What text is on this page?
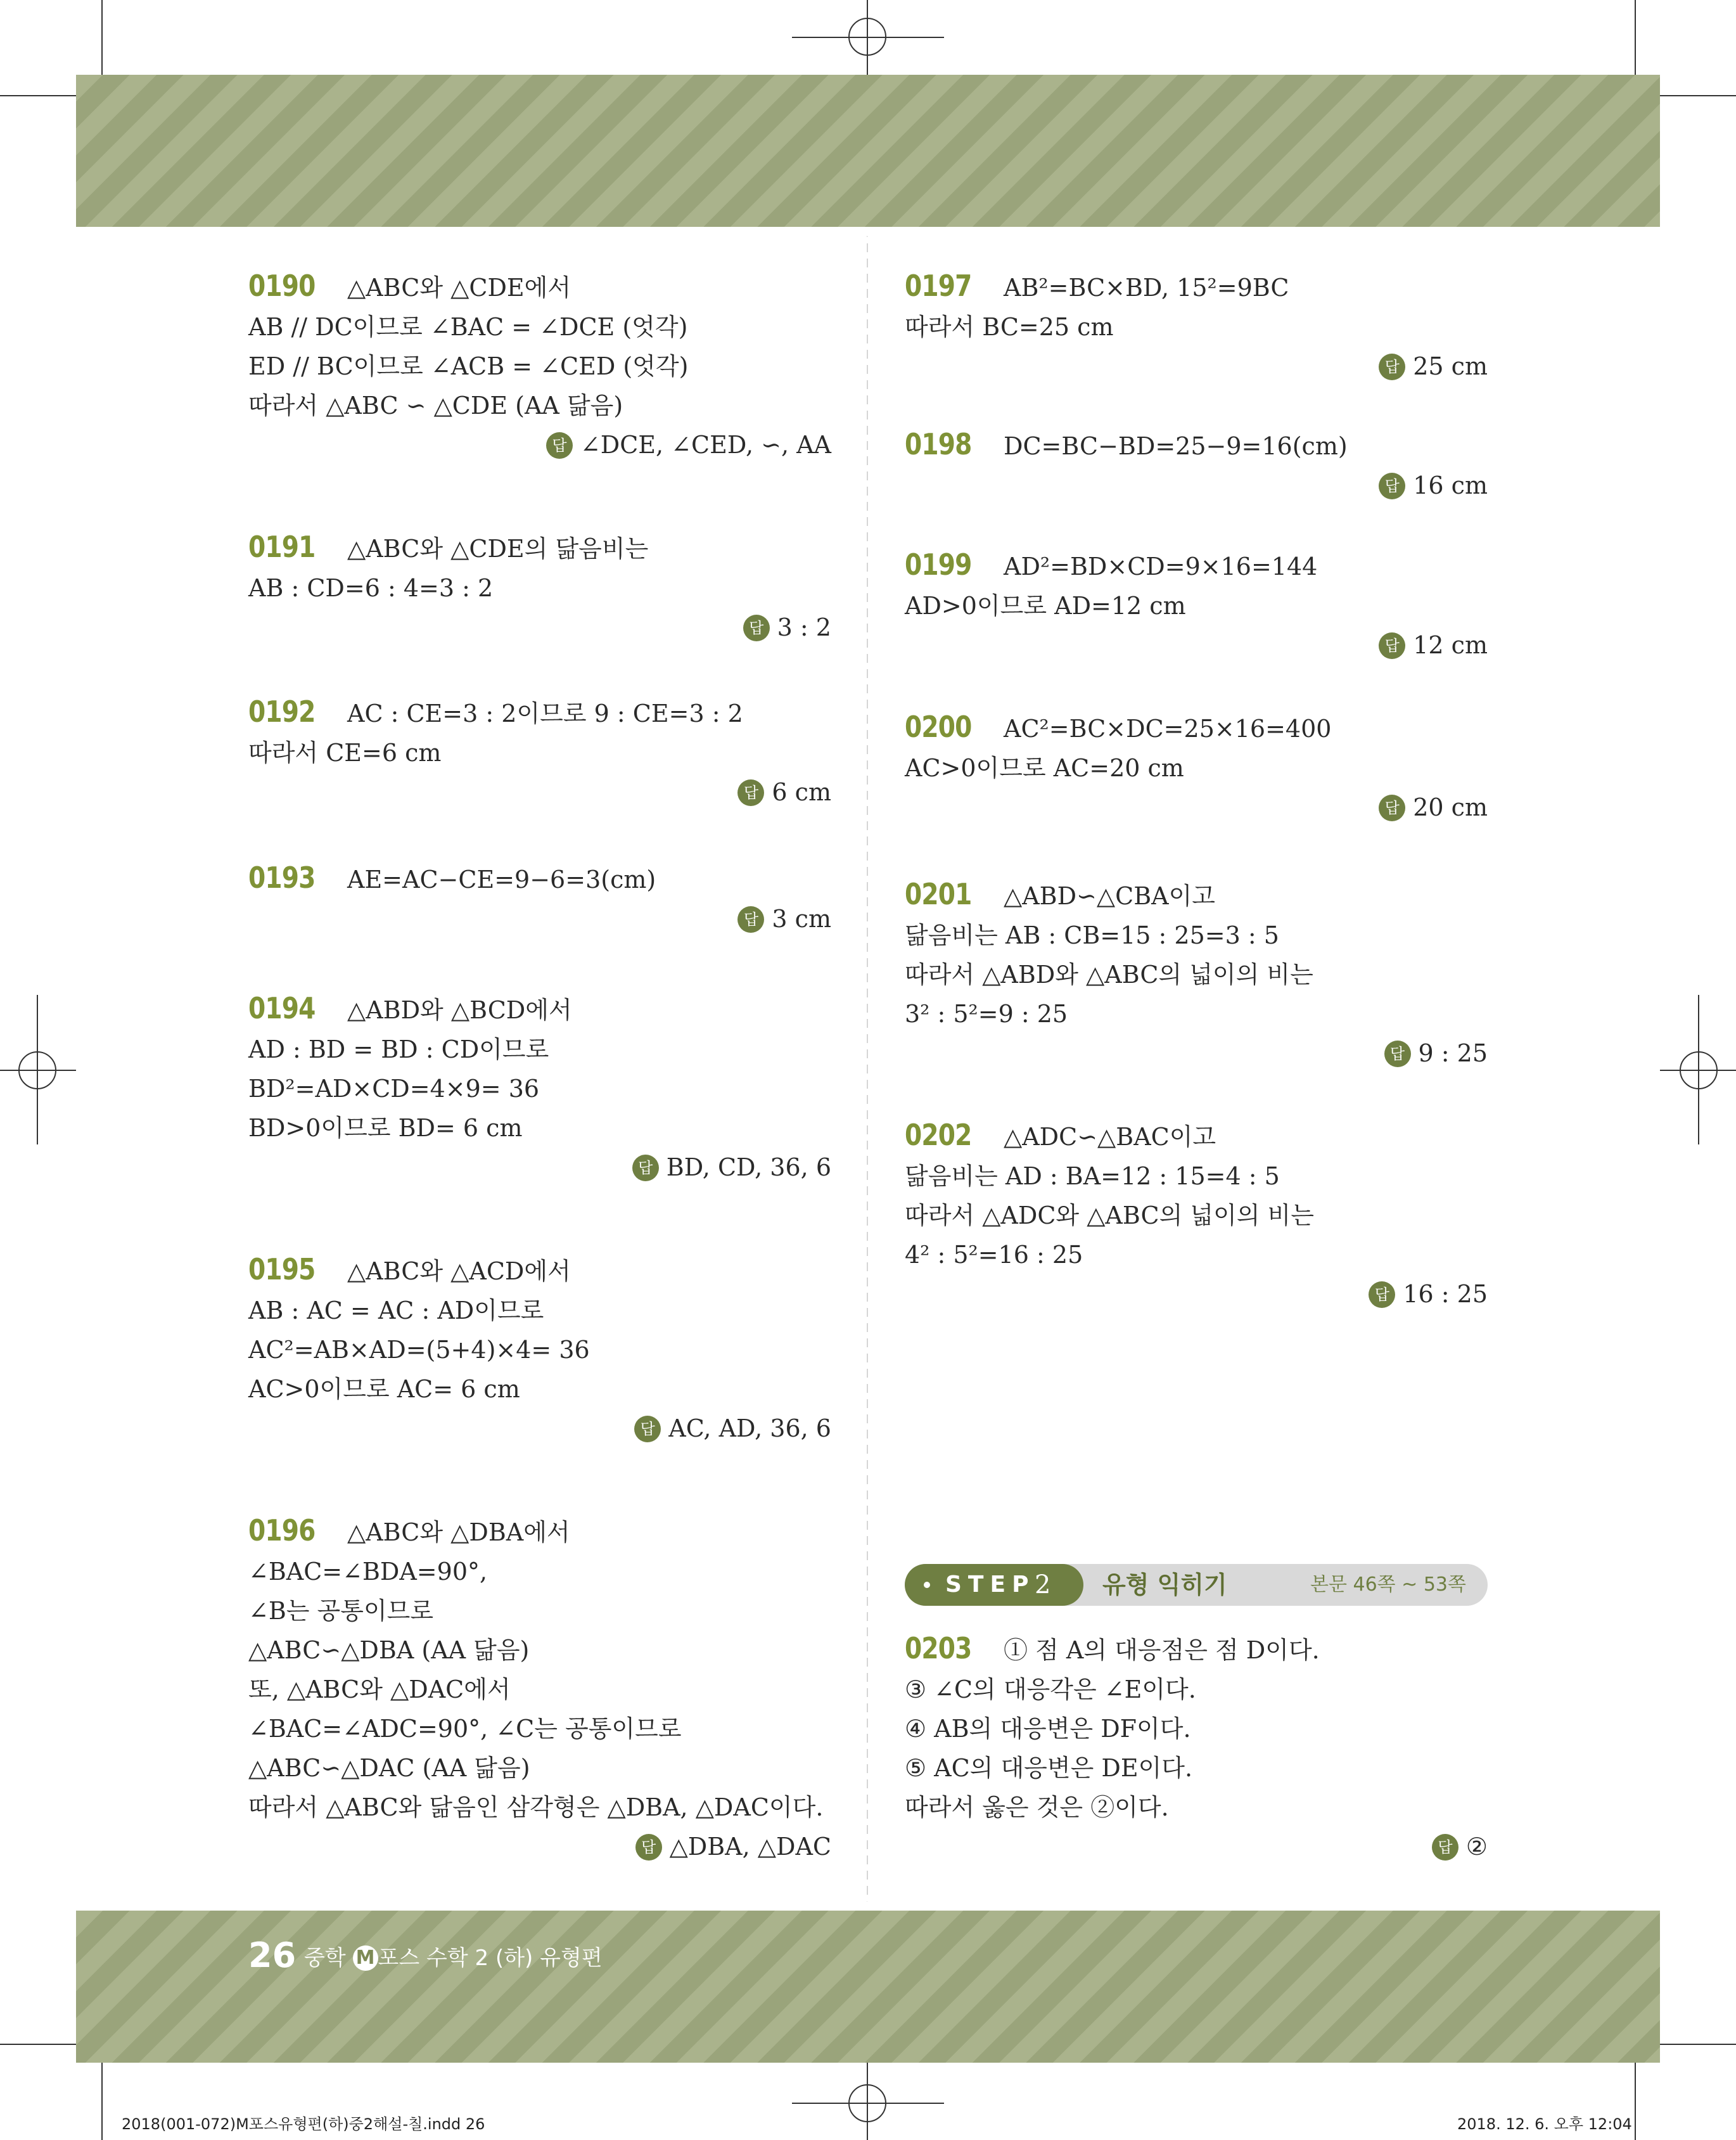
0190 △ABC와 △CDE에서
AB // DC이므로 ∠BAC = ∠DCE (엇각)
ED // BC이므로 ∠ACB = ∠CED (엇각)
따라서 △ABC ∽ △CDE (AA 닮음)
답 ∠DCE, ∠CED, ∽, AA
0191 △ABC와 △CDE의 닮음비는
AB : CD=6 : 4=3 : 2
답 3 : 2
0192 AC : CE=3 : 2이므로 9 : CE=3 : 2
따라서 CE=6 cm
답 6 cm
0193 AE=AC−CE=9−6=3(cm)
답 3 cm
0194 △ABD와 △BCD에서
AD : BD = BD : CD이므로
BD²=AD×CD=4×9= 36
BD>0이므로 BD= 6 cm
답 BD, CD, 36, 6
0195 △ABC와 △ACD에서
AB : AC = AC : AD이므로
AC²=AB×AD=(5+4)×4= 36
AC>0이므로 AC= 6 cm
답 AC, AD, 36, 6
0196 △ABC와 △DBA에서
∠BAC=∠BDA=90°,
∠B는 공통이므로
△ABC∽△DBA (AA 닮음)
또, △ABC와 △DAC에서
∠BAC=∠ADC=90°, ∠C는 공통이므로
△ABC∽△DAC (AA 닮음)
따라서 △ABC와 닮음인 삼각형은 △DBA, △DAC이다.
답 △DBA, △DAC
0197 AB²=BC×BD, 15²=9BC
따라서 BC=25 cm
답 25 cm
0198 DC=BC−BD=25−9=16(cm)
답 16 cm
0199 AD²=BD×CD=9×16=144
AD>0이므로 AD=12 cm
답 12 cm
0200 AC²=BC×DC=25×16=400
AC>0이므로 AC=20 cm
답 20 cm
0201 △ABD∽△CBA이고
닮음비는 AB : CB=15 : 25=3 : 5
따라서 △ABD와 △ABC의 넓이의 비는
3² : 5²=9 : 25
답 9 : 25
0202 △ADC∽△BAC이고
닮음비는 AD : BA=12 : 15=4 : 5
따라서 △ADC와 △ABC의 넓이의 비는
4² : 5²=16 : 25
답 16 : 25
0203 ① 점 A의 대응점은 점 D이다.
③ ∠C의 대응각은 ∠E이다.
④ AB의 대응변은 DF이다.
⑤ AC의 대응변은 DE이다.
따라서 옳은 것은 ②이다.
답 ②
STEP 2 유형 익히기	본문 46쪽 ~ 53쪽
26 중학 M 포스 수학 2 (하) 유형편
2018(001-072)M포스유형편(하)중2해설-칠.indd 26	2018. 12. 6. 오후 12:04
